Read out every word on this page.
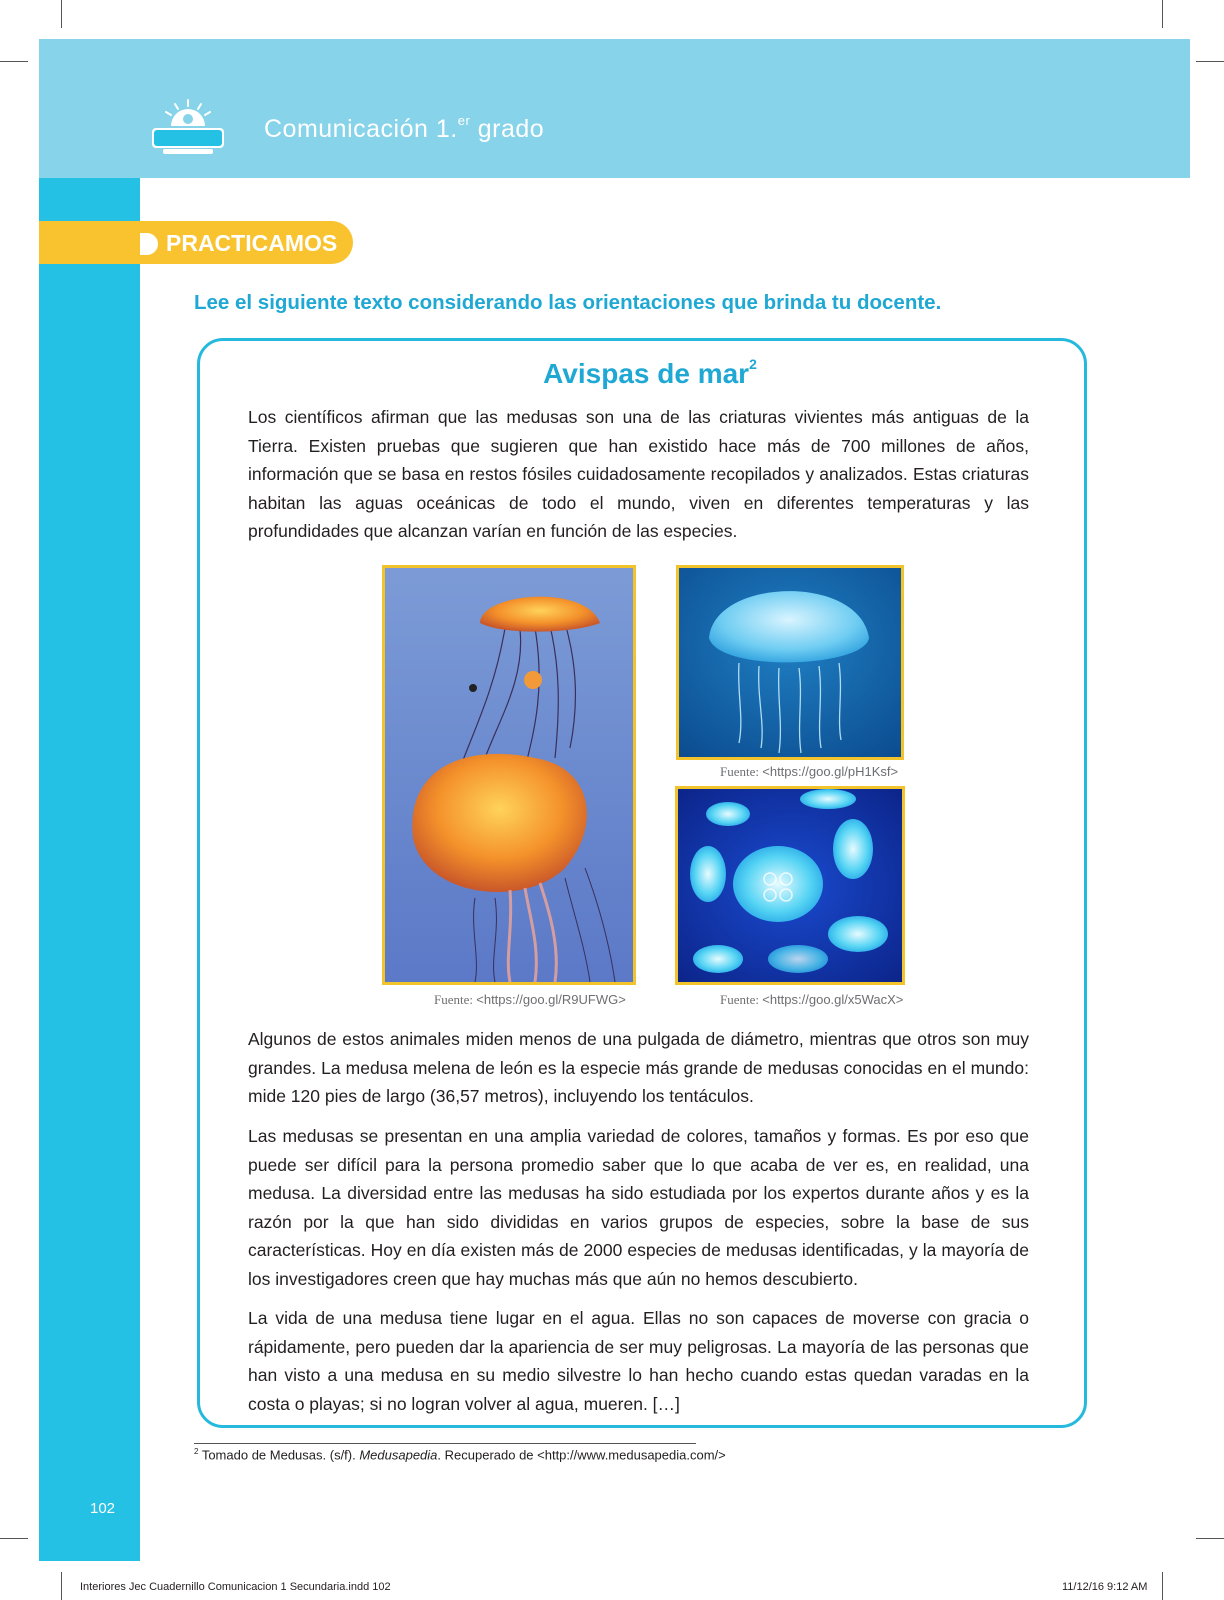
Comunicación 1.$^{er}$ grado
PRACTICAMOS
Lee el siguiente texto considerando las orientaciones que brinda tu docente.
Avispas de mar$^2$

Los científicos afirman que las medusas son una de las criaturas vivientes más antiguas de la Tierra. Existen pruebas que sugieren que han existido hace más de 700 millones de años, información que se basa en restos fósiles cuidadosamente recopilados y analizados. Estas criaturas habitan las aguas oceánicas de todo el mundo, viven en diferentes temperaturas y las profundidades que alcanzan varían en función de las especies.

Fuente: <https://goo.gl/R9UFWG>
Fuente: <https://goo.gl/pH1Ksf>
Fuente: <https://goo.gl/x5WacX>

Algunos de estos animales miden menos de una pulgada de diámetro, mientras que otros son muy grandes. La medusa melena de león es la especie más grande de medusas conocidas en el mundo: mide 120 pies de largo (36,57 metros), incluyendo los tentáculos.

Las medusas se presentan en una amplia variedad de colores, tamaños y formas. Es por eso que puede ser difícil para la persona promedio saber que lo que acaba de ver es, en realidad, una medusa. La diversidad entre las medusas ha sido estudiada por los expertos durante años y es la razón por la que han sido divididas en varios grupos de especies, sobre la base de sus características. Hoy en día existen más de 2000 especies de medusas identificadas, y la mayoría de los investigadores creen que hay muchas más que aún no hemos descubierto.

La vida de una medusa tiene lugar en el agua. Ellas no son capaces de moverse con gracia o rápidamente, pero pueden dar la apariencia de ser muy peligrosas. La mayoría de las personas que han visto a una medusa en su medio silvestre lo han hecho cuando estas quedan varadas en la costa o playas; si no logran volver al agua, mueren. […]

$^2$ Tomado de Medusas. (s/f). Medusapedia. Recuperado de <http://www.medusapedia.com/>
102
Interiores Jec Cuadernillo Comunicacion 1 Secundaria.indd 102	11/12/16 9:12 AM
